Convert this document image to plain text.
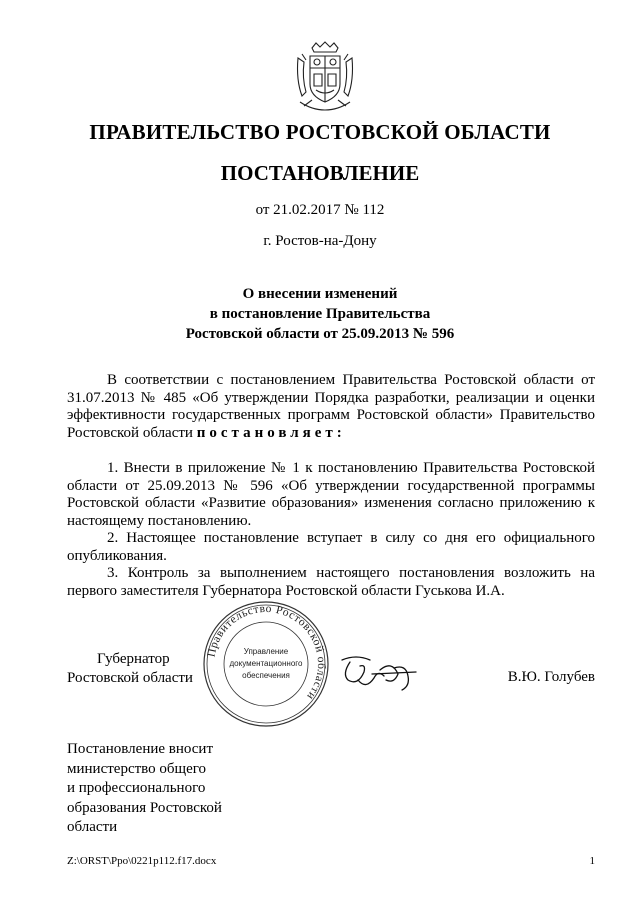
ПРАВИТЕЛЬСТВО РОСТОВСКОЙ ОБЛАСТИ
ПОСТАНОВЛЕНИЕ
от 21.02.2017 № 112
г. Ростов-на-Дону
О внесении изменений
в постановление Правительства
Ростовской области от 25.09.2013 № 596

В соответствии с постановлением Правительства Ростовской области от 31.07.2013 № 485 «Об утверждении Порядка разработки, реализации и оценки эффективности государственных программ Ростовской области» Правительство Ростовской области постановляет:

1. Внести в приложение № 1 к постановлению Правительства Ростовской области от 25.09.2013 № 596 «Об утверждении государственной программы Ростовской области «Развитие образования» изменения согласно приложению к настоящему постановлению.

2. Настоящее постановление вступает в силу со дня его официального опубликования.

3. Контроль за выполнением настоящего постановления возложить на первого заместителя Губернатора Ростовской области Гуськова И.А.

Губернатор
Ростовской области
Правительство Ростовской области
Управление
документационного
обеспечения	В.Ю. Голубев
Постановление вносит
министерство общего
и профессионального
образования Ростовской
области
Z:\ORST\Ppo\0221p112.f17.docx	1
